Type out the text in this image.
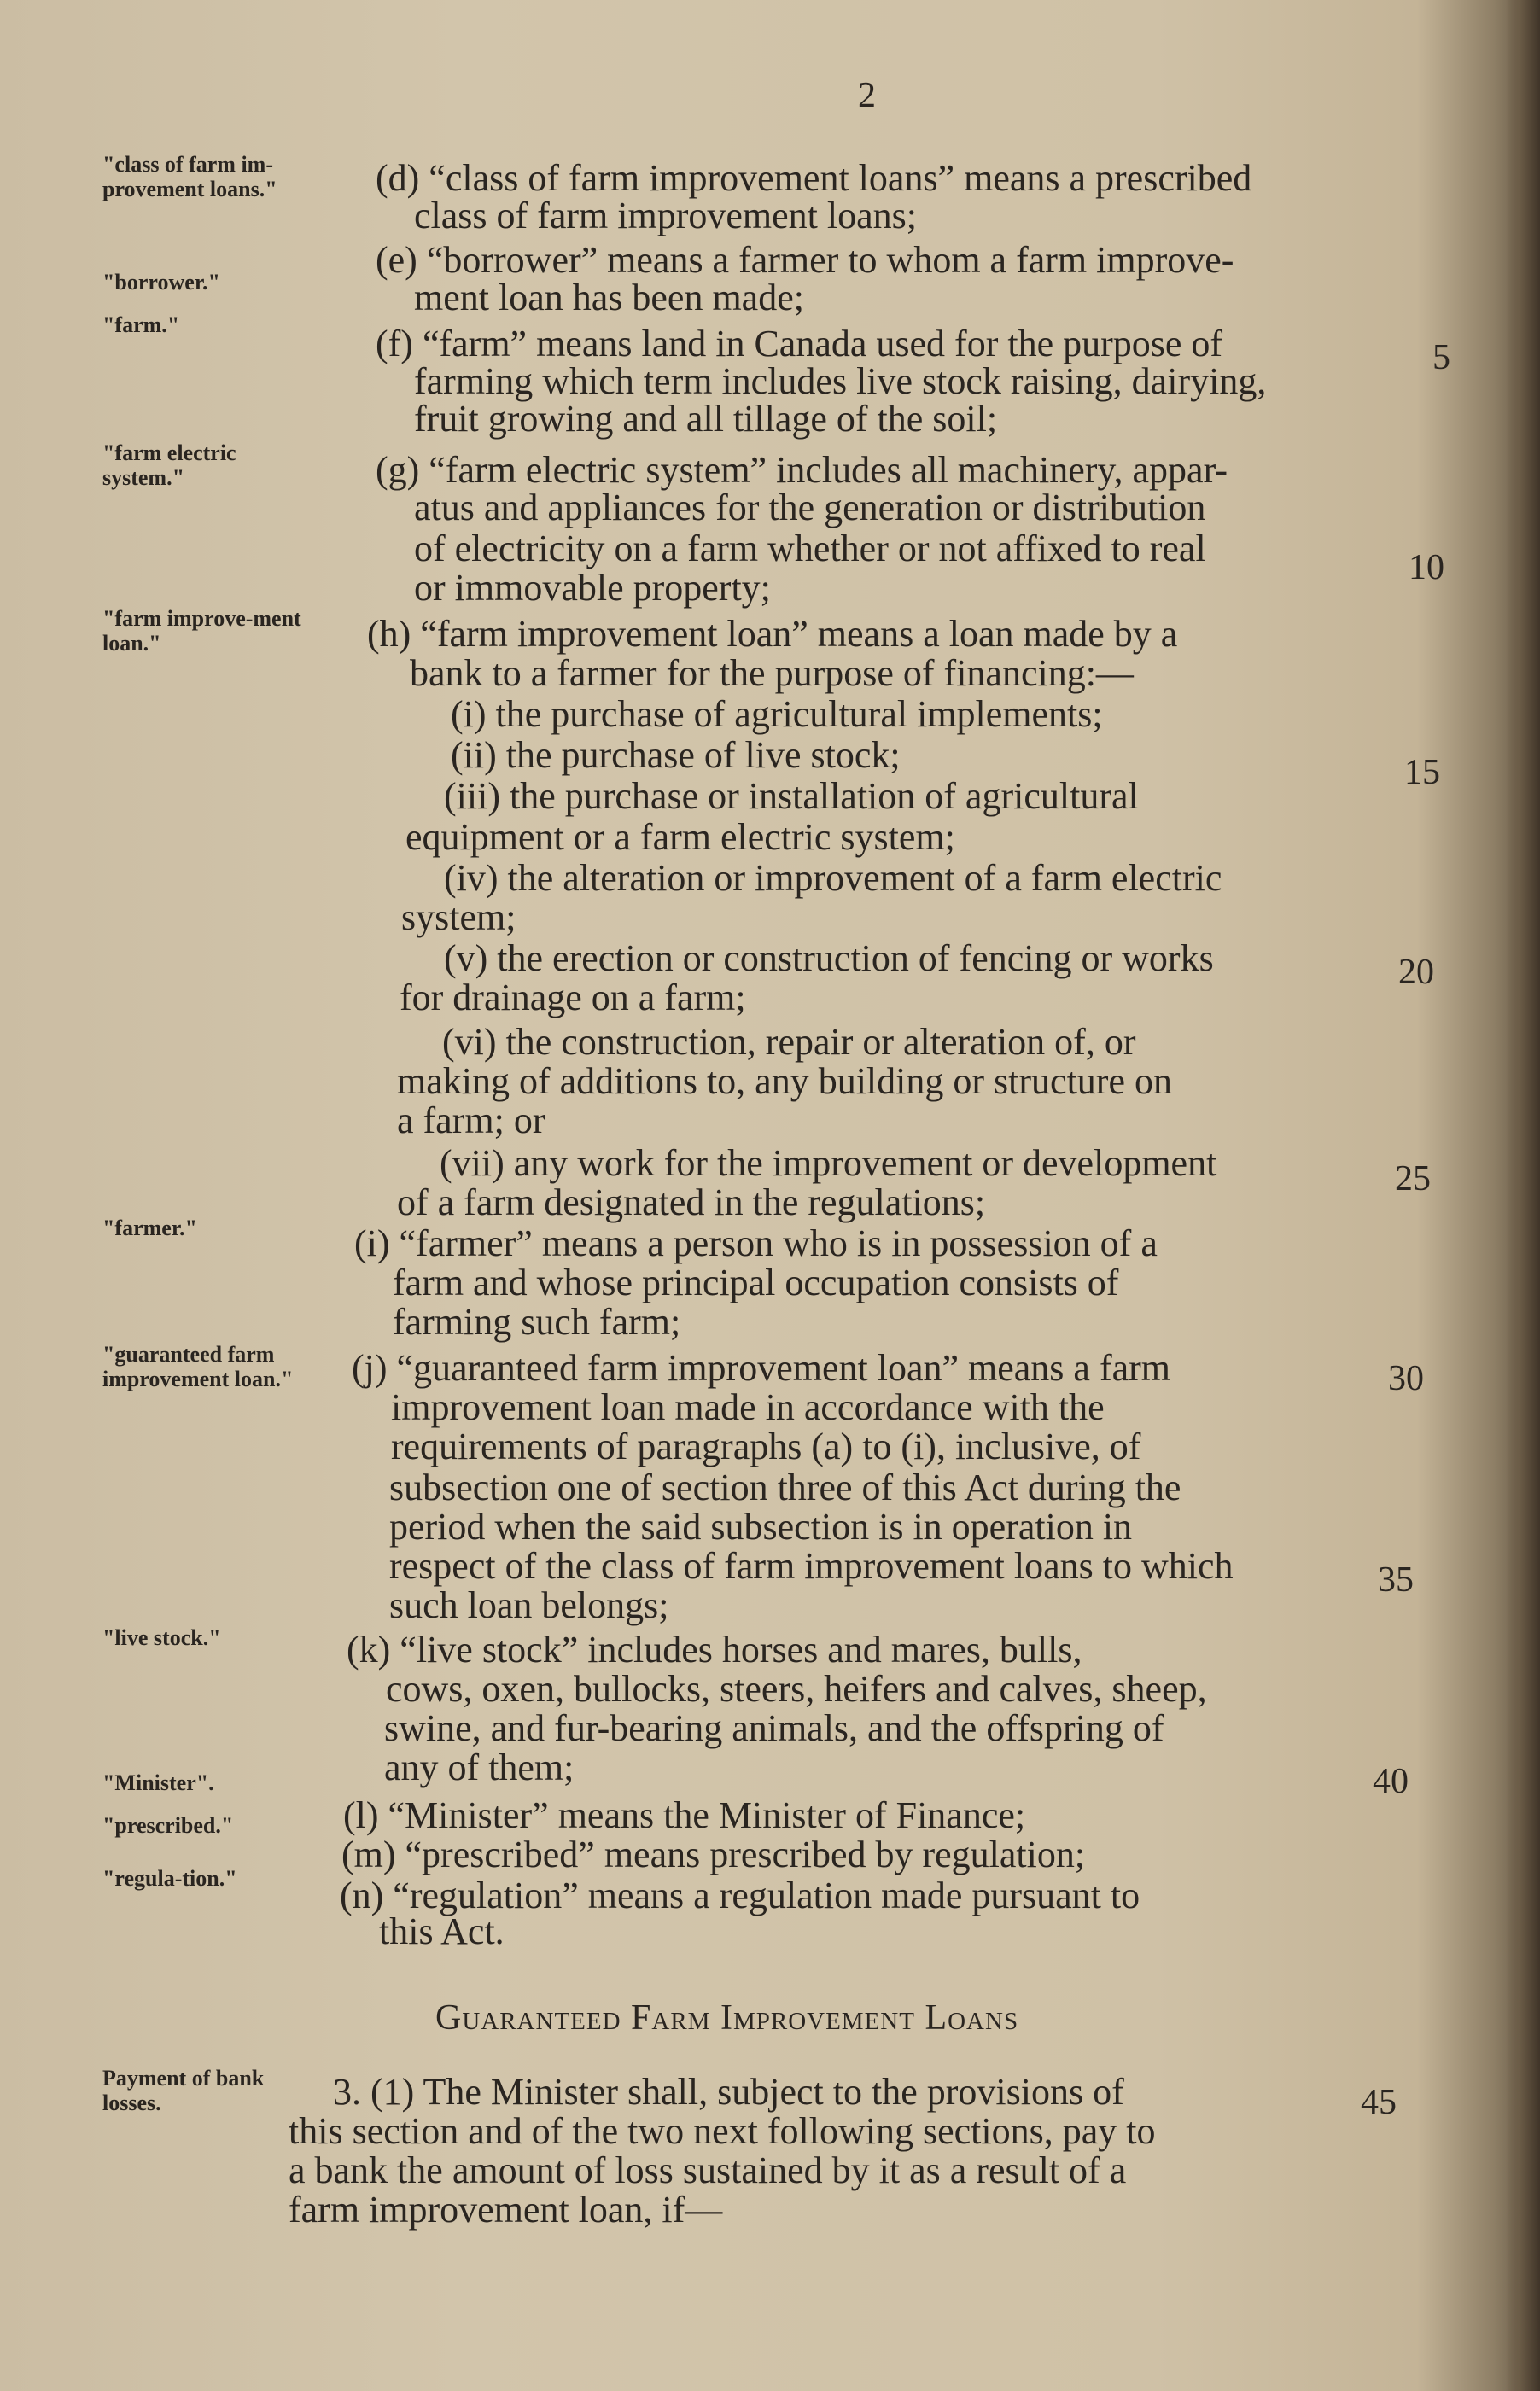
2
"class of farm im-provement loans."
"borrower."
"farm."
"farm electric system."
"farm improve-ment loan."
"farmer."
"guaranteed farm improvement loan."
"live stock."
"Minister".
"prescribed."
"regula-tion."
Payment of bank losses.
(d) “class of farm improvement loans” means a prescribed
class of farm improvement loans;
(e) “borrower” means a farmer to whom a farm improve-
ment loan has been made;
(f) “farm” means land in Canada used for the purpose of
farming which term includes live stock raising, dairying,
fruit growing and all tillage of the soil;
(g) “farm electric system” includes all machinery, appar-
atus and appliances for the generation or distribution
of electricity on a farm whether or not affixed to real
or immovable property;
(h) “farm improvement loan” means a loan made by a
bank to a farmer for the purpose of financing:—
(i) the purchase of agricultural implements;
(ii) the purchase of live stock;
(iii) the purchase or installation of agricultural
equipment or a farm electric system;
(iv) the alteration or improvement of a farm electric
system;
(v) the erection or construction of fencing or works
for drainage on a farm;
(vi) the construction, repair or alteration of, or
making of additions to, any building or structure on
a farm; or
(vii) any work for the improvement or development
of a farm designated in the regulations;
(i) “farmer” means a person who is in possession of a
farm and whose principal occupation consists of
farming such farm;
(j) “guaranteed farm improvement loan” means a farm
improvement loan made in accordance with the
requirements of paragraphs (a) to (i), inclusive, of
subsection one of section three of this Act during the
period when the said subsection is in operation in
respect of the class of farm improvement loans to which
such loan belongs;
(k) “live stock” includes horses and mares, bulls,
cows, oxen, bullocks, steers, heifers and calves, sheep,
swine, and fur-bearing animals, and the offspring of
any of them;
(l) “Minister” means the Minister of Finance;
(m) “prescribed” means prescribed by regulation;
(n) “regulation” means a regulation made pursuant to
this Act.
Guaranteed Farm Improvement Loans
3. (1) The Minister shall, subject to the provisions of
this section and of the two next following sections, pay to
a bank the amount of loss sustained by it as a result of a
farm improvement loan, if—
5
10
15
20
25
30
35
40
45
